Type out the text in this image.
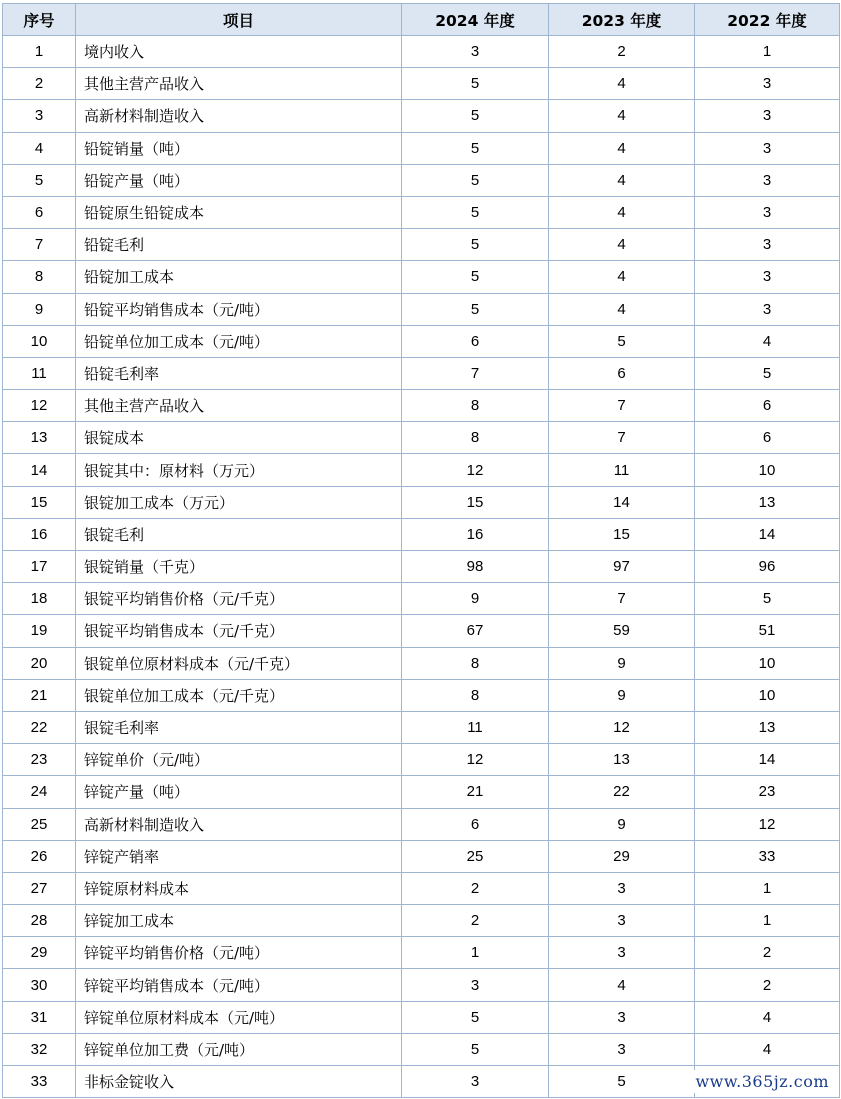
序号	项目	2024 年度	2023 年度	2022 年度
1	境内收入	3	2	1
2	其他主营产品收入	5	4	3
3	高新材料制造收入	5	4	3
4	铅锭销量（吨）	5	4	3
5	铅锭产量（吨）	5	4	3
6	铅锭原生铅锭成本	5	4	3
7	铅锭毛利	5	4	3
8	铅锭加工成本	5	4	3
9	铅锭平均销售成本（元/吨）	5	4	3
10	铅锭单位加工成本（元/吨）	6	5	4
11	铅锭毛利率	7	6	5
12	其他主营产品收入	8	7	6
13	银锭成本	8	7	6
14	银锭其中：原材料（万元）	12	11	10
15	银锭加工成本（万元）	15	14	13
16	银锭毛利	16	15	14
17	银锭销量（千克）	98	97	96
18	银锭平均销售价格（元/千克）	9	7	5
19	银锭平均销售成本（元/千克）	67	59	51
20	银锭单位原材料成本（元/千克）	8	9	10
21	银锭单位加工成本（元/千克）	8	9	10
22	银锭毛利率	11	12	13
23	锌锭单价（元/吨）	12	13	14
24	锌锭产量（吨）	21	22	23
25	高新材料制造收入	6	9	12
26	锌锭产销率	25	29	33
27	锌锭原材料成本	2	3	1
28	锌锭加工成本	2	3	1
29	锌锭平均销售价格（元/吨）	1	3	2
30	锌锭平均销售成本（元/吨）	3	4	2
31	锌锭单位原材料成本（元/吨）	5	3	4
32	锌锭单位加工费（元/吨）	5	3	4
33	非标金锭收入	3	5		www.365jz.com
